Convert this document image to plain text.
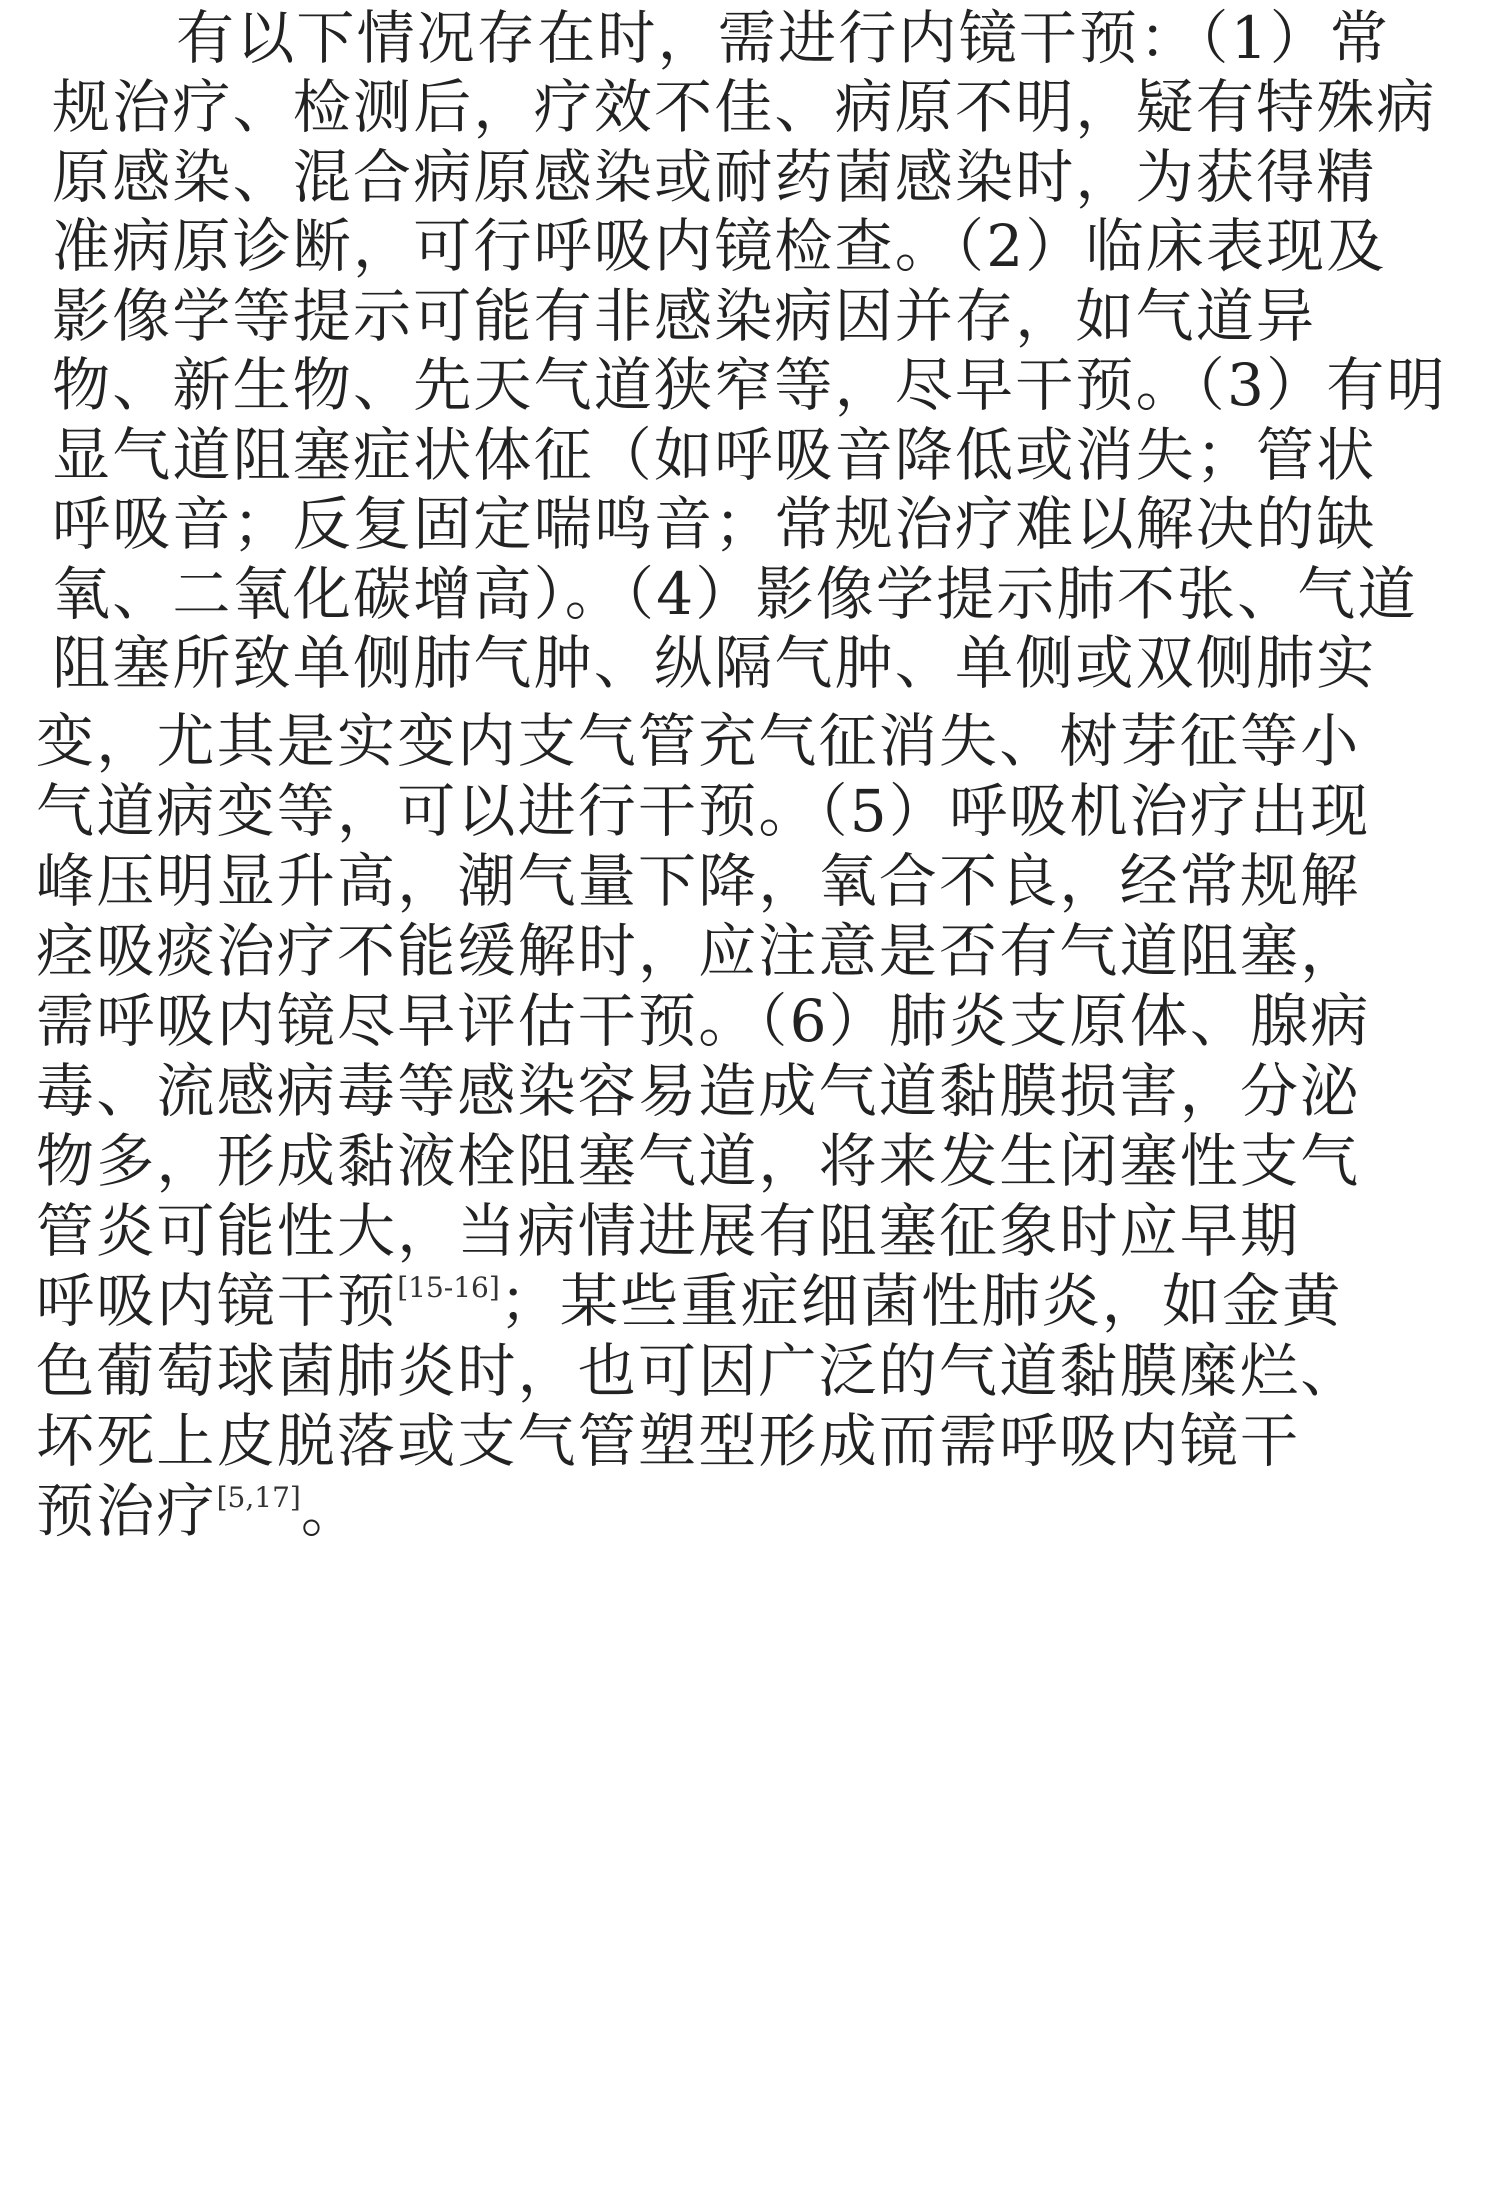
有以下情况存在时，需进行内镜干预：（1）常
规治疗、检测后，疗效不佳、病原不明，疑有特殊病
原感染、混合病原感染或耐药菌感染时，为获得精
准病原诊断，可行呼吸内镜检查。（2）临床表现及
影像学等提示可能有非感染病因并存，如气道异
物、新生物、先天气道狭窄等，尽早干预。（3）有明
显气道阻塞症状体征（如呼吸音降低或消失；管状
呼吸音；反复固定喘鸣音；常规治疗难以解决的缺
氧、二氧化碳增高）。（4）影像学提示肺不张、气道
阻塞所致单侧肺气肿、纵隔气肿、单侧或双侧肺实
变，尤其是实变内支气管充气征消失、树芽征等小
气道病变等，可以进行干预。（5）呼吸机治疗出现
峰压明显升高，潮气量下降，氧合不良，经常规解
痉吸痰治疗不能缓解时，应注意是否有气道阻塞，
需呼吸内镜尽早评估干预。（6）肺炎支原体、腺病
毒、流感病毒等感染容易造成气道黏膜损害，分泌
物多，形成黏液栓阻塞气道，将来发生闭塞性支气
管炎可能性大，当病情进展有阻塞征象时应早期
呼吸内镜干预[15-16]；某些重症细菌性肺炎，如金黄
色葡萄球菌肺炎时，也可因广泛的气道黏膜糜烂、
坏死上皮脱落或支气管塑型形成而需呼吸内镜干
预治疗[5,17]。
